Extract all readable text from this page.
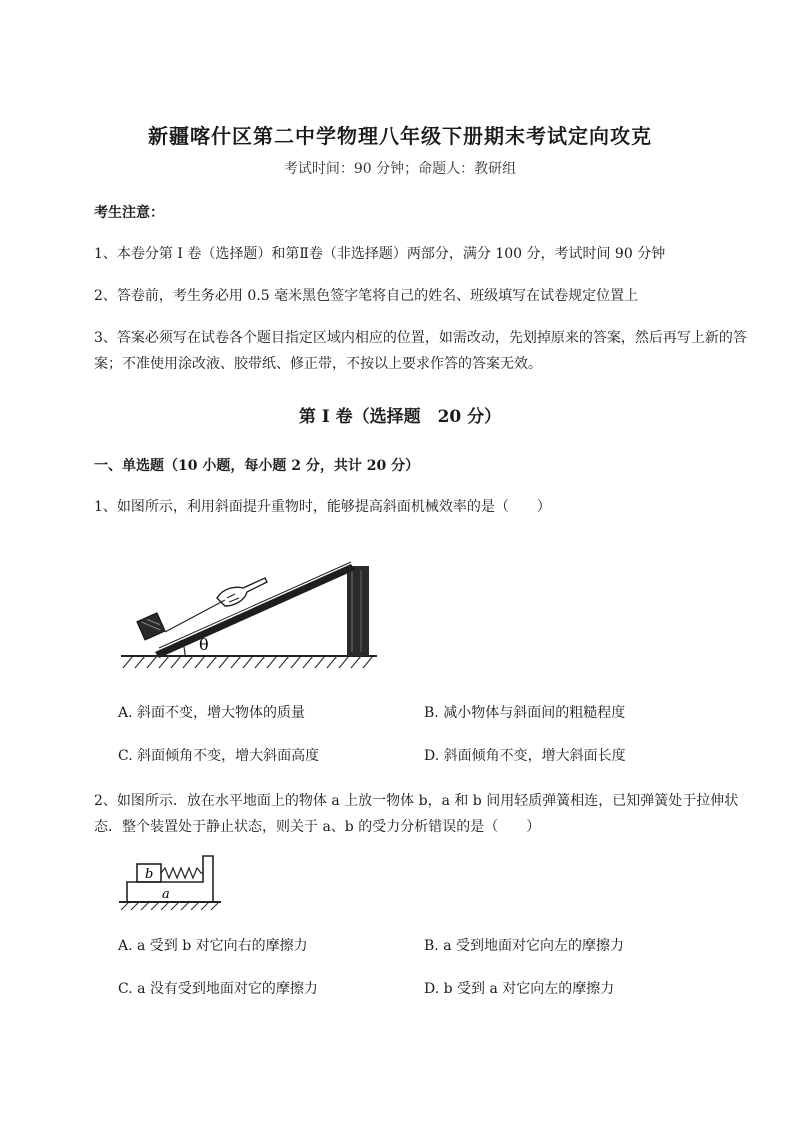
新疆喀什区第二中学物理八年级下册期末考试定向攻克
考试时间：90 分钟；命题人：教研组
考生注意：
1、本卷分第 I 卷（选择题）和第Ⅱ卷（非选择题）两部分，满分 100 分，考试时间 90 分钟
2、答卷前，考生务必用 0.5 毫米黑色签字笔将自己的姓名、班级填写在试卷规定位置上
3、答案必须写在试卷各个题目指定区域内相应的位置，如需改动，先划掉原来的答案，然后再写上新的答案；不准使用涂改液、胶带纸、修正带，不按以上要求作答的答案无效。
第 I 卷（选择题　20 分）
一、单选题（10 小题，每小题 2 分，共计 20 分）
1、如图所示，利用斜面提升重物时，能够提高斜面机械效率的是（　　）
θ
A. 斜面不变，增大物体的质量	B. 减小物体与斜面间的粗糙程度
C. 斜面倾角不变，增大斜面高度	D. 斜面倾角不变，增大斜面长度
2、如图所示．放在水平地面上的物体 a 上放一物体 b，a 和 b 间用轻质弹簧相连，已知弹簧处于拉伸状态．整个装置处于静止状态，则关于 a、b 的受力分析错误的是（　　）
b
a
A. a 受到 b 对它向右的摩擦力	B. a 受到地面对它向左的摩擦力
C. a 没有受到地面对它的摩擦力	D. b 受到 a 对它向左的摩擦力
